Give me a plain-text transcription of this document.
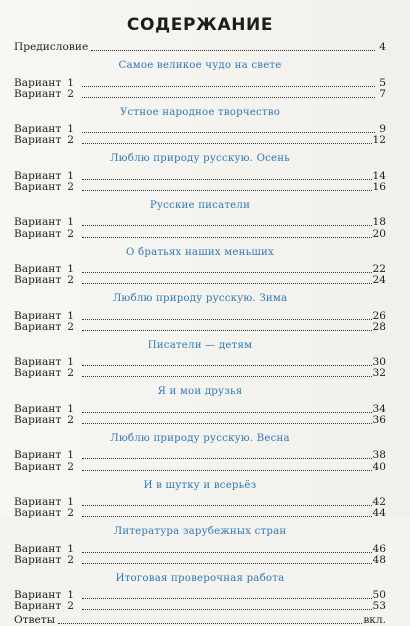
СОДЕРЖАНИЕ
Предисловие	4
Самое великое чудо на свете
Вариант 1	5
Вариант 2	7
Устное народное творчество
Вариант 1	9
Вариант 2	12
Люблю природу русскую. Осень
Вариант 1	14
Вариант 2	16
Русские писатели
Вариант 1	18
Вариант 2	20
О братьях наших меньших
Вариант 1	22
Вариант 2	24
Люблю природу русскую. Зима
Вариант 1	26
Вариант 2	28
Писатели — детям
Вариант 1	30
Вариант 2	32
Я и мои друзья
Вариант 1	34
Вариант 2	36
Люблю природу русскую. Весна
Вариант 1	38
Вариант 2	40
И в шутку и всерьёз
Вариант 1	42
Вариант 2	44
Литература зарубежных стран
Вариант 1	46
Вариант 2	48
Итоговая проверочная работа
Вариант 1	50
Вариант 2	53
Ответы	вкл.
